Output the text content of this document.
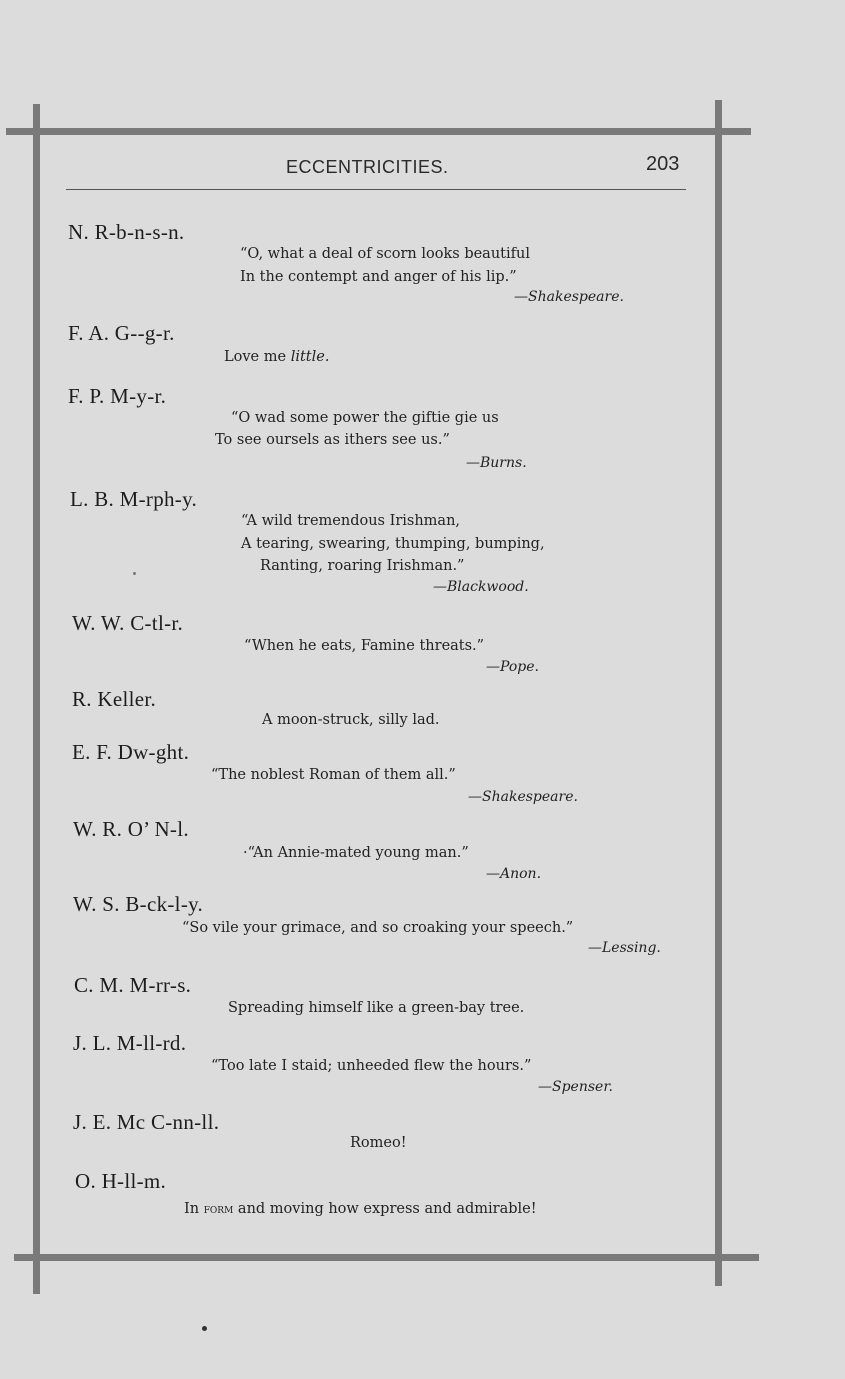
ECCENTRICITIES.	203
N. R-b-n-s-n.
“O, what a deal of scorn looks beautiful
In the contempt and anger of his lip.”
—Shakespeare.
F. A. G--g-r.
Love me little.
F. P. M-y-r.
“O wad some power the giftie gie us
To see oursels as ithers see us.”
—Burns.
L. B. M-rph-y.
“A wild tremendous Irishman,
A tearing, swearing, thumping, bumping,
Ranting, roaring Irishman.”
—Blackwood.
W. W. C-tl-r.
“When he eats, Famine threats.”
—Pope.
R. Keller.
A moon-struck, silly lad.
E. F. Dw-ght.
“The noblest Roman of them all.”
—Shakespeare.
W. R. O’ N-l.
·“An Annie-mated young man.”
—Anon.
W. S. B-ck-l-y.
“So vile your grimace, and so croaking your speech.”
—Lessing.
C. M. M-rr-s.
Spreading himself like a green-bay tree.
J. L. M-ll-rd.
“Too late I staid; unheeded flew the hours.”
—Spenser.
J. E. Mc C-nn-ll.
Romeo!
O. H-ll-m.
In form and moving how express and admirable!
